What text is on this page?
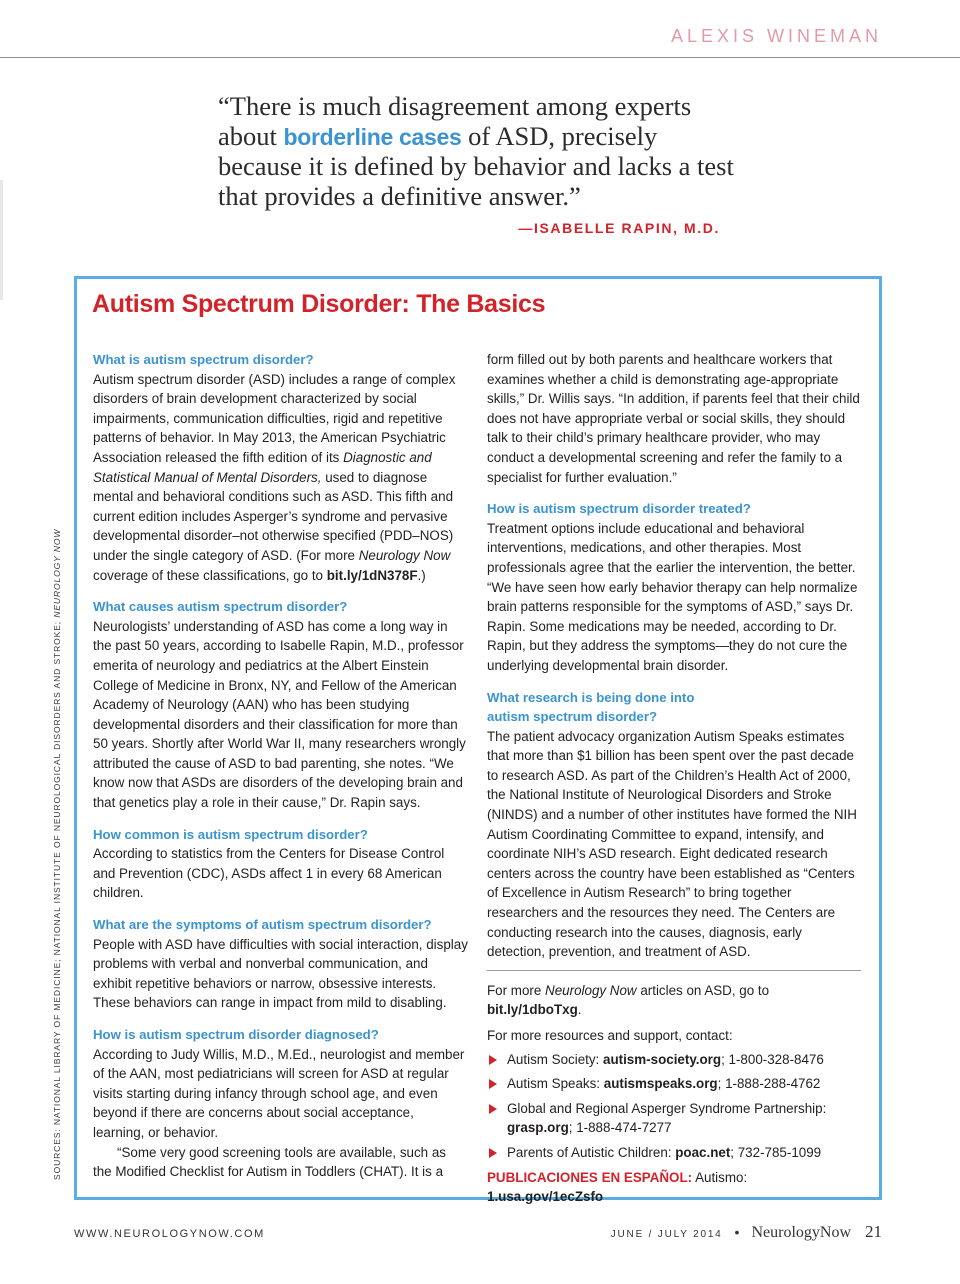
ALEXIS WINEMAN

“There is much disagreement among experts about borderline cases of ASD, precisely because it is defined by behavior and lacks a test that provides a definitive answer.”

—ISABELLE RAPIN, M.D.
SOURCES: NATIONAL LIBRARY OF MEDICINE; NATIONAL INSTITUTE OF NEUROLOGICAL DISORDERS AND STROKE; NEUROLOGY NOW
Autism Spectrum Disorder: The Basics

What is autism spectrum disorder?

Autism spectrum disorder (ASD) includes a range of complex disorders of brain development characterized by social impairments, communication difficulties, rigid and repetitive patterns of behavior. In May 2013, the American Psychiatric Association released the fifth edition of its Diagnostic and Statistical Manual of Mental Disorders, used to diagnose mental and behavioral conditions such as ASD. This fifth and current edition includes Asperger’s syndrome and pervasive developmental disorder–not otherwise specified (PDD–NOS) under the single category of ASD. (For more Neurology Now coverage of these classifications, go to bit.ly/1dN378F.)

What causes autism spectrum disorder?

Neurologists’ understanding of ASD has come a long way in the past 50 years, according to Isabelle Rapin, M.D., professor emerita of neurology and pediatrics at the Albert Einstein College of Medicine in Bronx, NY, and Fellow of the American Academy of Neurology (AAN) who has been studying developmental disorders and their classification for more than 50 years. Shortly after World War II, many researchers wrongly attributed the cause of ASD to bad parenting, she notes. “We know now that ASDs are disorders of the developing brain and that genetics play a role in their cause,” Dr. Rapin says.

How common is autism spectrum disorder?

According to statistics from the Centers for Disease Control and Prevention (CDC), ASDs affect 1 in every 68 American children.

What are the symptoms of autism spectrum disorder?

People with ASD have difficulties with social interaction, display problems with verbal and nonverbal communication, and exhibit repetitive behaviors or narrow, obsessive interests. These behaviors can range in impact from mild to disabling.

How is autism spectrum disorder diagnosed?

According to Judy Willis, M.D., M.Ed., neurologist and member of the AAN, most pediatricians will screen for ASD at regular visits starting during infancy through school age, and even beyond if there are concerns about social acceptance, learning, or behavior.

“Some very good screening tools are available, such as the Modified Checklist for Autism in Toddlers (CHAT). It is a

form filled out by both parents and healthcare workers that examines whether a child is demonstrating age-appropriate skills,” Dr. Willis says. “In addition, if parents feel that their child does not have appropriate verbal or social skills, they should talk to their child’s primary healthcare provider, who may conduct a developmental screening and refer the family to a specialist for further evaluation.”

How is autism spectrum disorder treated?

Treatment options include educational and behavioral interventions, medications, and other therapies. Most professionals agree that the earlier the intervention, the better. “We have seen how early behavior therapy can help normalize brain patterns responsible for the symptoms of ASD,” says Dr. Rapin. Some medications may be needed, according to Dr. Rapin, but they address the symptoms—they do not cure the underlying developmental brain disorder.

What research is being done into autism spectrum disorder?

The patient advocacy organization Autism Speaks estimates that more than $1 billion has been spent over the past decade to research ASD. As part of the Children’s Health Act of 2000, the National Institute of Neurological Disorders and Stroke (NINDS) and a number of other institutes have formed the NIH Autism Coordinating Committee to expand, intensify, and coordinate NIH’s ASD research. Eight dedicated research centers across the country have been established as “Centers of Excellence in Autism Research” to bring together researchers and the resources they need. The Centers are conducting research into the causes, diagnosis, early detection, prevention, and treatment of ASD.

For more Neurology Now articles on ASD, go to bit.ly/1dboTxg.

For more resources and support, contact:

Autism Society: autism-society.org; 1-800-328-8476
Autism Speaks: autismspeaks.org; 1-888-288-4762
Global and Regional Asperger Syndrome Partnership: grasp.org; 1-888-474-7277
Parents of Autistic Children: poac.net; 732-785-1099

PUBLICACIONES EN ESPAÑOL: Autismo: 1.usa.gov/1ecZsfo

WWW.NEUROLOGYNOW.COM	JUNE / JULY 2014 • NeurologyNow 21
